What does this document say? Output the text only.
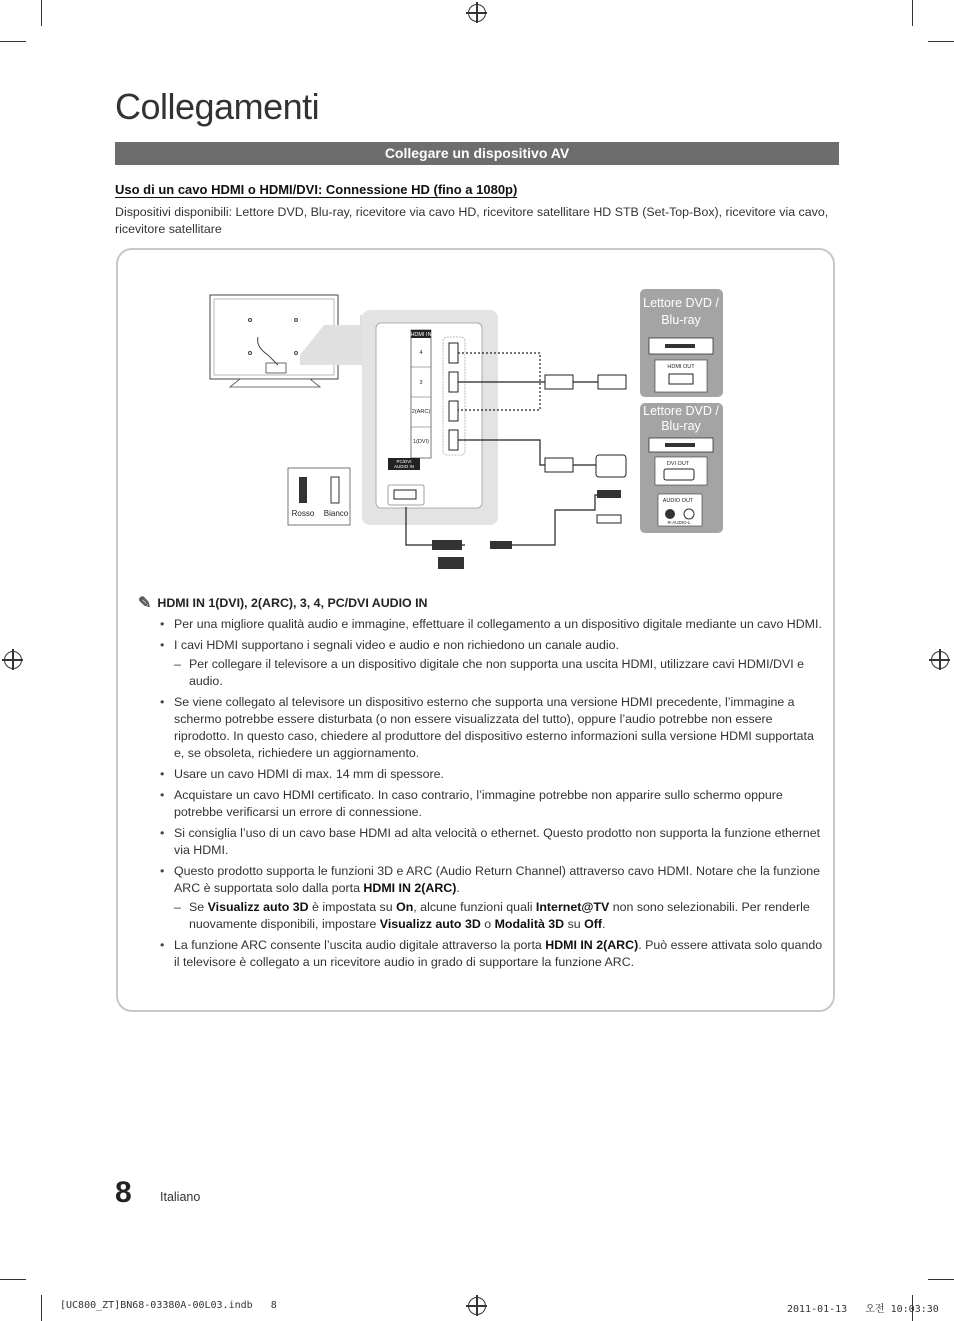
Collegamenti
Collegare un dispositivo AV
Uso di un cavo HDMI o HDMI/DVI: Connessione HD (fino a 1080p)
Dispositivi disponibili: Lettore DVD, Blu-ray, ricevitore via cavo HD, ricevitore satellitare HD STB (Set-Top-Box), ricevitore via cavo, ricevitore satellitare
HDMI IN
4
3
2(ARC)
1(DVI)
PC/DVI
AUDIO IN
Rosso Bianco
Lettore DVD /
Blu-ray
HDMI OUT
Lettore DVD /
Blu-ray
DVI OUT
AUDIO OUT
R-AUDIO-L
✎ HDMI IN 1(DVI), 2(ARC), 3, 4, PC/DVI AUDIO IN
• Per una migliore qualità audio e immagine, effettuare il collegamento a un dispositivo digitale mediante un cavo HDMI.
• I cavi HDMI supportano i segnali video e audio e non richiedono un canale audio.
– Per collegare il televisore a un dispositivo digitale che non supporta una uscita HDMI, utilizzare cavi HDMI/DVI e audio.
• Se viene collegato al televisore un dispositivo esterno che supporta una versione HDMI precedente, l’immagine a schermo potrebbe essere disturbata (o non essere visualizzata del tutto), oppure l’audio potrebbe non essere riprodotto. In questo caso, chiedere al produttore del dispositivo esterno informazioni sulla versione HDMI supportata e, se obsoleta, richiedere un aggiornamento.
• Usare un cavo HDMI di max. 14 mm di spessore.
• Acquistare un cavo HDMI certificato. In caso contrario, l’immagine potrebbe non apparire sullo schermo oppure potrebbe verificarsi un errore di connessione.
• Si consiglia l’uso di un cavo base HDMI ad alta velocità o ethernet. Questo prodotto non supporta la funzione ethernet via HDMI.
• Questo prodotto supporta le funzioni 3D e ARC (Audio Return Channel) attraverso cavo HDMI. Notare che la funzione ARC è supportata solo dalla porta HDMI IN 2(ARC).
– Se Visualizz auto 3D è impostata su On, alcune funzioni quali Internet@TV non sono selezionabili. Per renderle nuovamente disponibili, impostare Visualizz auto 3D o Modalità 3D su Off.
• La funzione ARC consente l’uscita audio digitale attraverso la porta HDMI IN 2(ARC). Può essere attivata solo quando il televisore è collegato a un ricevitore audio in grado di supportare la funzione ARC.
8 Italiano
[UC800_ZT]BN68-03380A-00L03.indb   8	2011-01-13   오전 10:03:30
